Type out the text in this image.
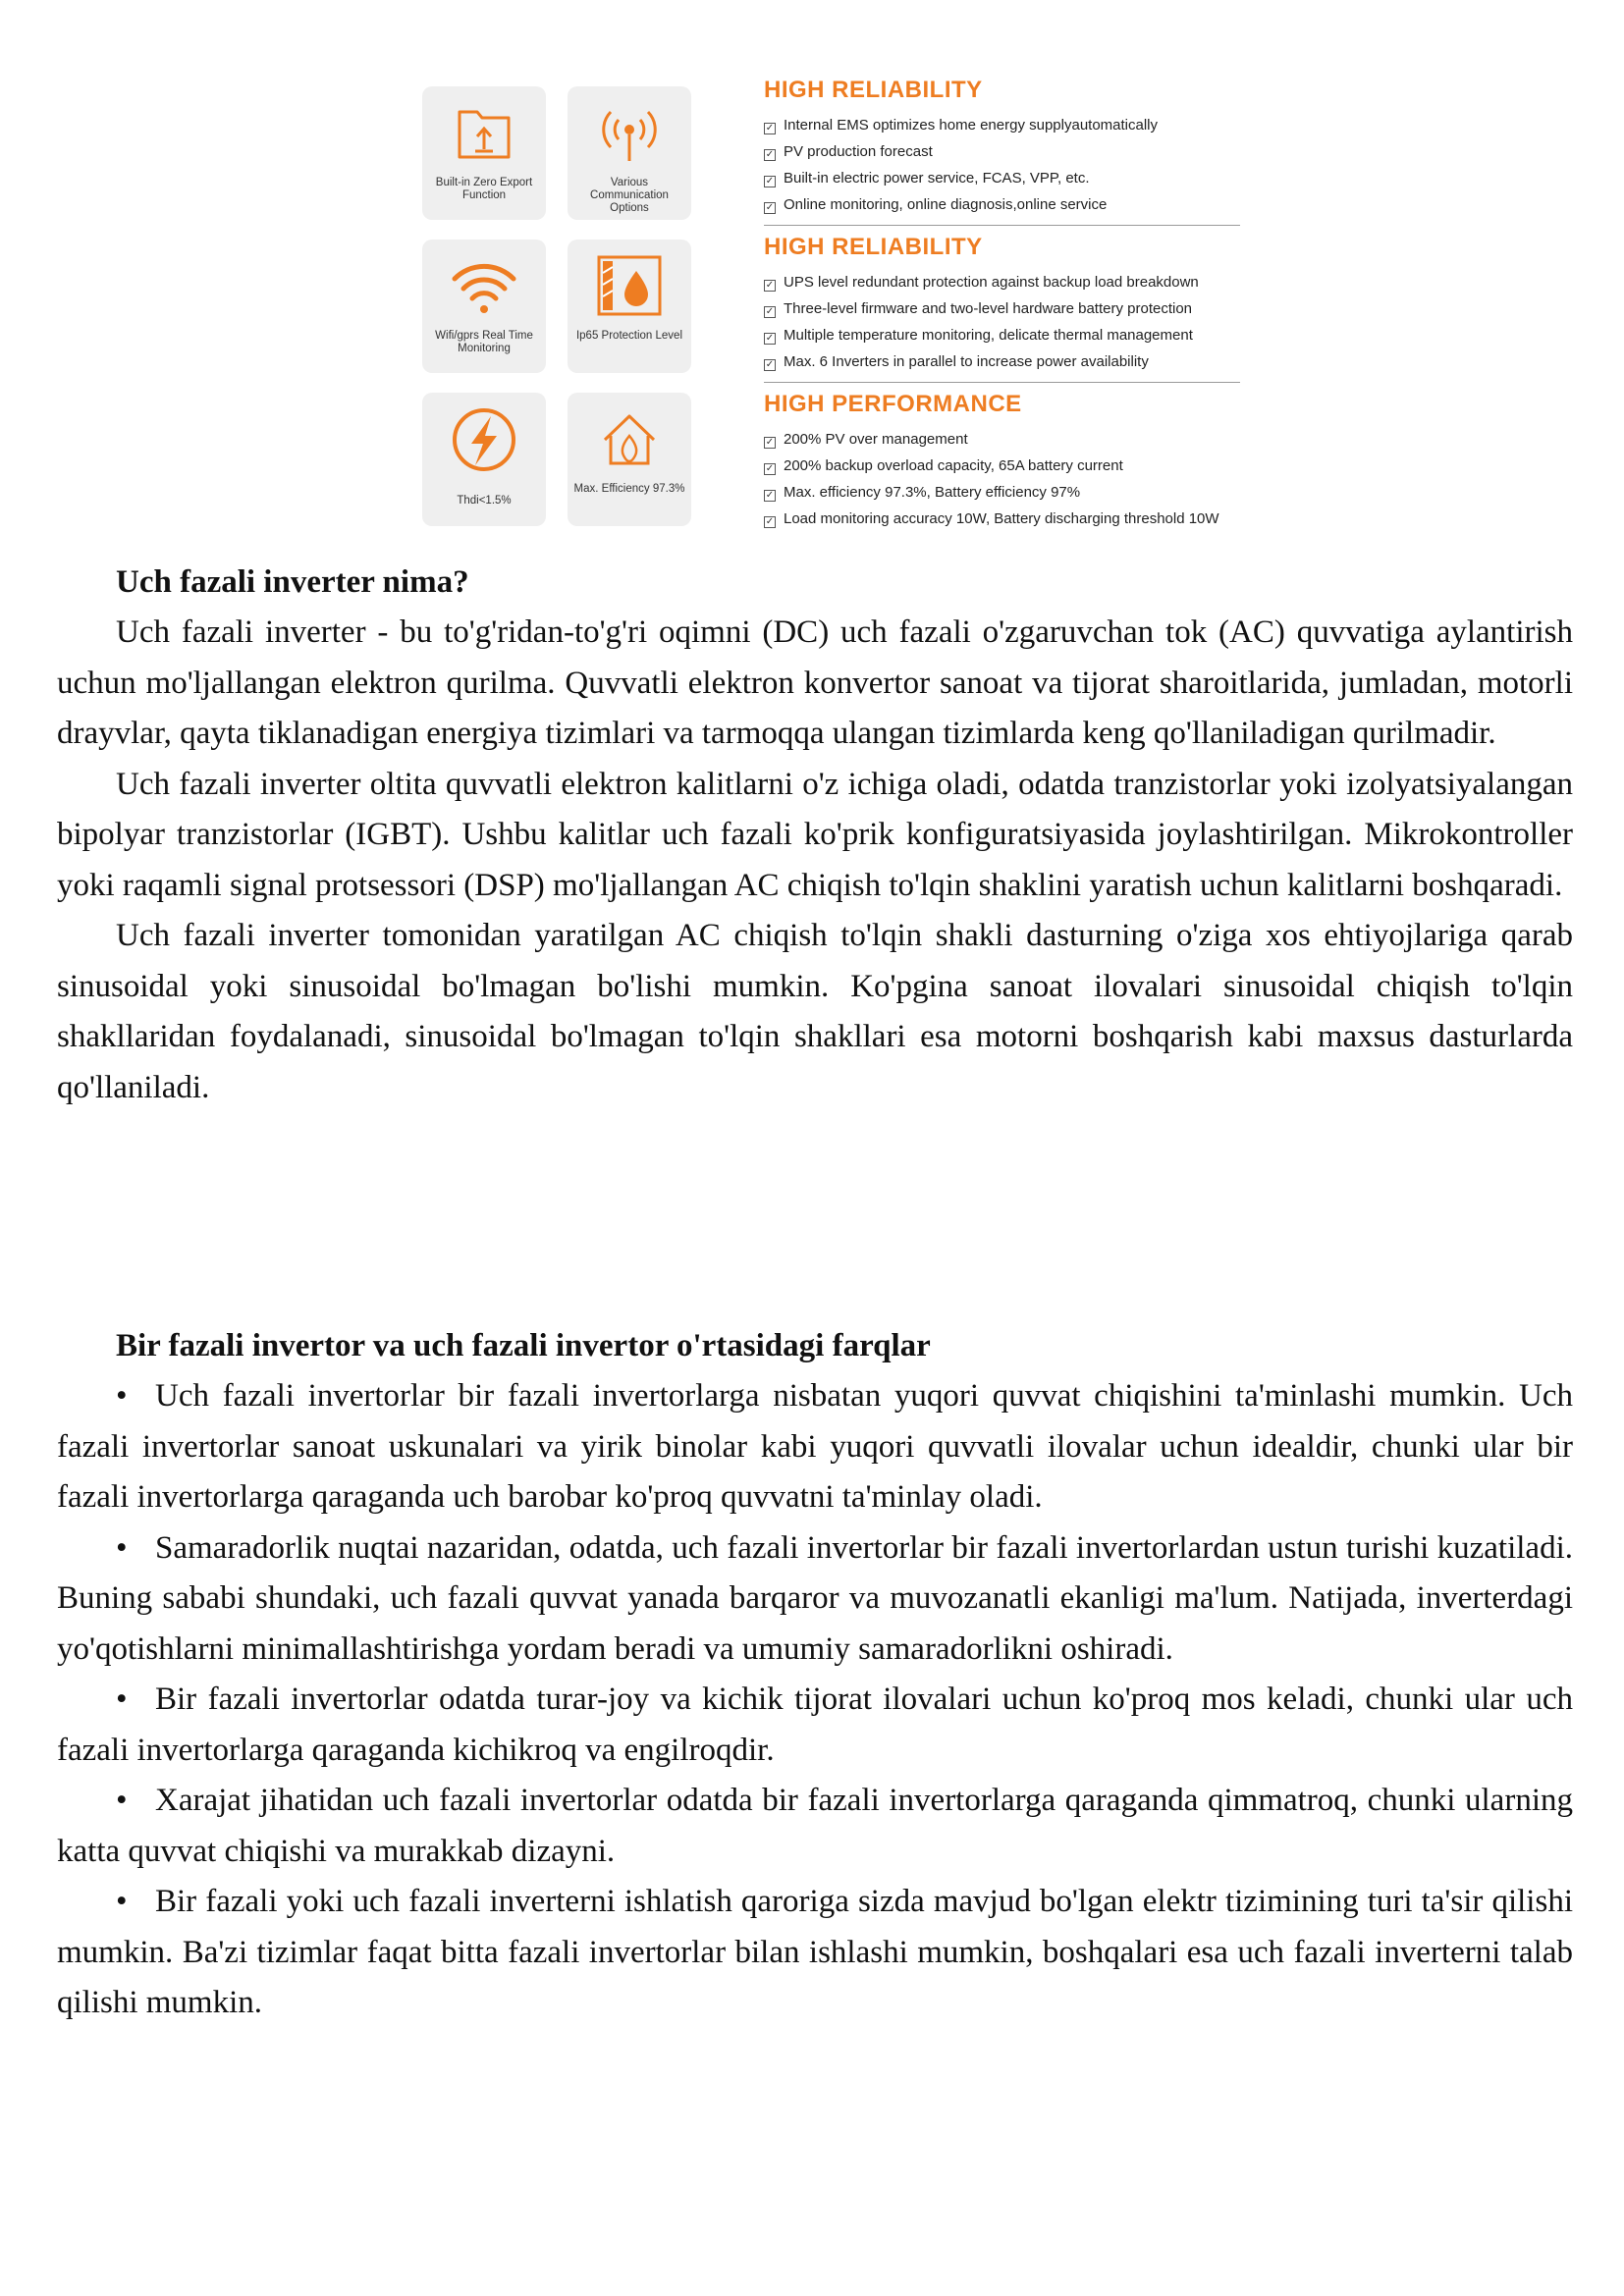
Built-in Zero Export Function
Various Communication Options
Wifi/gprs Real Time Monitoring
Ip65 Protection Level
Thdi<1.5%
Max. Efficiency 97.3%
HIGH RELIABILITY
✓ Internal EMS optimizes home energy supplyautomatically
✓ PV production forecast
✓ Built-in electric power service, FCAS, VPP, etc.
✓ Online monitoring, online diagnosis,online service
HIGH RELIABILITY
✓ UPS level redundant protection against backup load breakdown
✓ Three-level firmware and two-level hardware battery protection
✓ Multiple temperature monitoring, delicate thermal management
✓ Max. 6 Inverters in parallel to increase power availability
HIGH PERFORMANCE
✓ 200% PV over management
✓ 200% backup overload capacity, 65A battery current
✓ Max. efficiency 97.3%, Battery efficiency 97%
✓ Load monitoring accuracy 10W, Battery discharging threshold 10W

Uch fazali inverter nima?

Uch fazali inverter - bu to'g'ridan-to'g'ri oqimni (DC) uch fazali o'zgaruvchan tok (AC) quvvatiga aylantirish uchun mo'ljallangan elektron qurilma. Quvvatli elektron konvertor sanoat va tijorat sharoitlarida, jumladan, motorli drayvlar, qayta tiklanadigan energiya tizimlari va tarmoqqa ulangan tizimlarda keng qo'llaniladigan qurilmadir.

Uch fazali inverter oltita quvvatli elektron kalitlarni o'z ichiga oladi, odatda tranzistorlar yoki izolyatsiyalangan bipolyar tranzistorlar (IGBT). Ushbu kalitlar uch fazali ko'prik konfiguratsiyasida joylashtirilgan. Mikrokontroller yoki raqamli signal protsessori (DSP) mo'ljallangan AC chiqish to'lqin shaklini yaratish uchun kalitlarni boshqaradi.

Uch fazali inverter tomonidan yaratilgan AC chiqish to'lqin shakli dasturning o'ziga xos ehtiyojlariga qarab sinusoidal yoki sinusoidal bo'lmagan bo'lishi mumkin. Ko'pgina sanoat ilovalari sinusoidal chiqish to'lqin shakllaridan foydalanadi, sinusoidal bo'lmagan to'lqin shakllari esa motorni boshqarish kabi maxsus dasturlarda qo'llaniladi.

Bir fazali invertor va uch fazali invertor o'rtasidagi farqlar

• Uch fazali invertorlar bir fazali invertorlarga nisbatan yuqori quvvat chiqishini ta'minlashi mumkin. Uch fazali invertorlar sanoat uskunalari va yirik binolar kabi yuqori quvvatli ilovalar uchun idealdir, chunki ular bir fazali invertorlarga qaraganda uch barobar ko'proq quvvatni ta'minlay oladi.

• Samaradorlik nuqtai nazaridan, odatda, uch fazali invertorlar bir fazali invertorlardan ustun turishi kuzatiladi. Buning sababi shundaki, uch fazali quvvat yanada barqaror va muvozanatli ekanligi ma'lum. Natijada, inverterdagi yo'qotishlarni minimallashtirishga yordam beradi va umumiy samaradorlikni oshiradi.

• Bir fazali invertorlar odatda turar-joy va kichik tijorat ilovalari uchun ko'proq mos keladi, chunki ular uch fazali invertorlarga qaraganda kichikroq va engilroqdir.

• Xarajat jihatidan uch fazali invertorlar odatda bir fazali invertorlarga qaraganda qimmatroq, chunki ularning katta quvvat chiqishi va murakkab dizayni.

• Bir fazali yoki uch fazali inverterni ishlatish qaroriga sizda mavjud bo'lgan elektr tizimining turi ta'sir qilishi mumkin. Ba'zi tizimlar faqat bitta fazali invertorlar bilan ishlashi mumkin, boshqalari esa uch fazali inverterni talab qilishi mumkin.
